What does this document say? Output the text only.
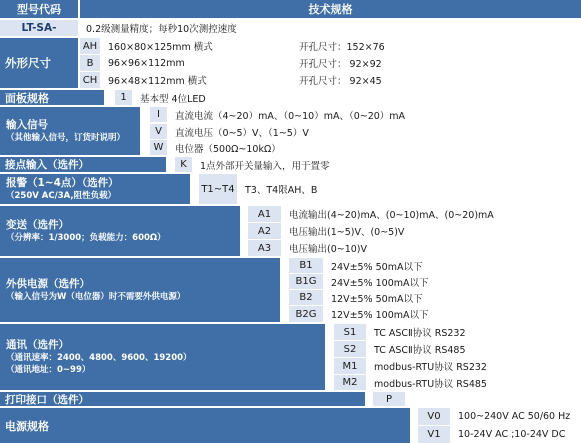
型号代码	技术规格
LT-SA-	0.2级测量精度；每秒10次测控速度
外形尺寸
AH	160×80×125mm 横式	开孔尺寸：152×76
B	96×96×112mm	开孔尺寸： 92×92
CH	96×48×112mm 横式	开孔尺寸： 92×45
面板规格	1	基本型 4位LED
输入信号
（其他输入信号，订货时说明）
I	直流电流（4~20）mA、（0~10）mA、（0~20）mA
V	直流电压（0~5）V、（1~5）V
W	电位器（500Ω~10kΩ）
接点输入（选件）	K	1点外部开关量输入，用于置零
报警（1~4点）（选件）
（250V AC/3A,阻性负载）
T1~T4	T3、T4限AH、B
变送（选件）
（分辨率：1/3000；负载能力：600Ω）
A1	电流输出(4~20)mA、(0~10)mA、(0~20)mA
A2	电压输出(1~5)V、(0~5)V
A3	电压输出(0~10)V
外供电源（选件）
（输入信号为W（电位器）时不需要外供电源）
B1	24V±5% 50mA以下
B1G	24V±5% 100mA以下
B2	12V±5% 50mA以下
B2G	12V±5% 100mA以下
通讯（选件）
（通讯速率：2400、4800、9600、19200）
（通讯地址：0~99）
S1	TC ASCⅡ协议 RS232
S2	TC ASCⅡ协议 RS485
M1	modbus-RTU协议 RS232
M2	modbus-RTU协议 RS485
打印接口（选件）	P
电源规格
V0	100~240V AC 50/60 Hz
V1	10-24V AC ;10-24V DC
